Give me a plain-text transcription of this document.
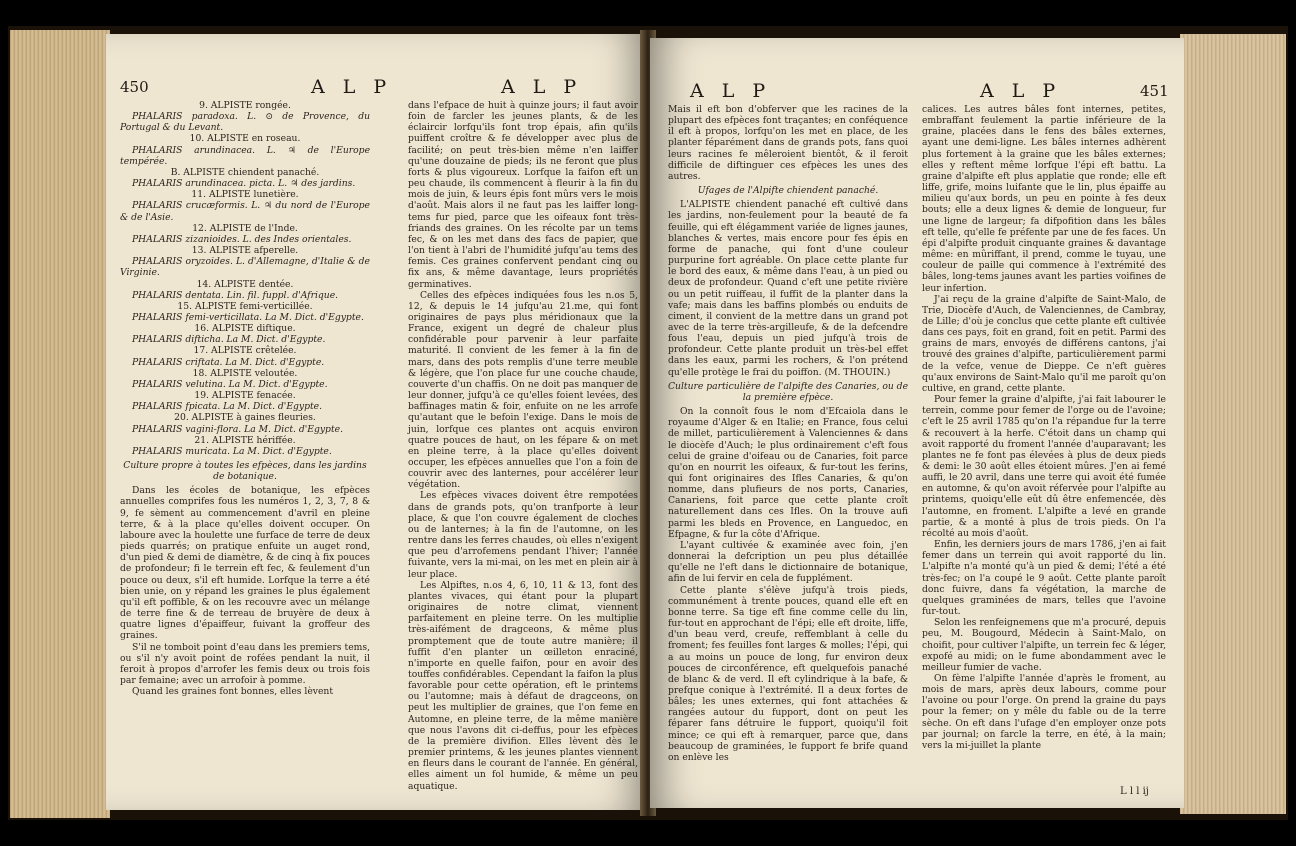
450	A L P	A L P

9. ALPISTE rongée.

PHALARIS paradoxa. L. ⊙ de Provence, du Portugal & du Levant.

10. ALPISTE en roseau.

PHALARIS arundinacea. L. ♃ de l'Europe tempérée.

B. ALPISTE chiendent panaché.

PHALARIS arundinacea. picta. L. ♃ des jardins.

11. ALPISTE lunetière.

PHALARIS crucæformis. L. ♃ du nord de l'Europe & de l'Asie.

12. ALPISTE de l'Inde.

PHALARIS zizanioides. L. des Indes orientales.

13. ALPISTE afperelle.

PHALARIS oryzoides. L. d'Allemagne, d'Italie & de Virginie.

14. ALPISTE dentée.

PHALARIS dentata. Lin. fil. fuppl. d'Afrique.

15. ALPISTE femi-verticillée.

PHALARIS femi-verticillata. La M. Dict. d'Egypte.

16. ALPISTE diftique.

PHALARIS difticha. La M. Dict. d'Egypte.

17. ALPISTE crêtelée.

PHALARIS criftata. La M. Dict. d'Egypte.

18. ALPISTE veloutée.

PHALARIS velutina. La M. Dict. d'Egypte.

19. ALPISTE fenacée.

PHALARIS fpicata. La M. Dict. d'Egypte.

20. ALPISTE à gaines fleuries.

PHALARIS vagini-flora. La M. Dict. d'Egypte.

21. ALPISTE hériffée.

PHALARIS muricata. La M. Dict. d'Egypte.

Culture propre à toutes les efpèces, dans les jardins de botanique.

Dans les écoles de botanique, les efpèces annuelles comprifes fous les numéros 1, 2, 3, 7, 8 & 9, fe sèment au commencement d'avril en pleine terre, & à la place qu'elles doivent occuper. On laboure avec la houlette une furface de terre de deux pieds quarrés; on pratique enfuite un auget rond, d'un pied & demi de diamètre, & de cinq à fix pouces de profondeur; fi le terrein eft fec, & feulement d'un pouce ou deux, s'il eft humide. Lorfque la terre a été bien unie, on y répand les graines le plus également qu'il eft poffible, & on les recouvre avec un mélange de terre fine & de terreau de bruyère de deux à quatre lignes d'épaiffeur, fuivant la groffeur des graines.

S'il ne tomboit point d'eau dans les premiers tems, ou s'il n'y avoit point de rofées pendant la nuit, il feroit à propos d'arrofer les femis deux ou trois fois par femaine; avec un arrofoir à pomme.

Quand les graines font bonnes, elles lèvent

dans l'efpace de huit à quinze jours; il faut avoir foin de farcler les jeunes plants, & de les éclaircir lorfqu'ils font trop épais, afin qu'ils puiffent croître & fe développer avec plus de facilité; on peut très-bien même n'en laiffer qu'une douzaine de pieds; ils ne feront que plus forts & plus vigoureux. Lorfque la faifon eft un peu chaude, ils commencent à fleurir à la fin du mois de juin, & leurs épis font mûrs vers le mois d'août. Mais alors il ne faut pas les laiffer long-tems fur pied, parce que les oifeaux font très-friands des graines. On les récolte par un tems fec, & on les met dans des facs de papier, que l'on tient à l'abri de l'humidité jufqu'au tems des femis. Ces graines confervent pendant cinq ou fix ans, & même davantage, leurs propriétés germinatives.

Celles des efpèces indiquées fous les n.os 5, 12, & depuis le 14 jufqu'au 21.me, qui font originaires de pays plus méridionaux que la France, exigent un degré de chaleur plus confidérable pour parvenir à leur parfaite maturité. Il convient de les femer à la fin de mars, dans des pots remplis d'une terre meuble & légère, que l'on place fur une couche chaude, couverte d'un chaffis. On ne doit pas manquer de leur donner, jufqu'à ce qu'elles foient levées, des baffinages matin & foir, enfuite on ne les arrofe qu'autant que le befoin l'exige. Dans le mois de juin, lorfque ces plantes ont acquis environ quatre pouces de haut, on les fépare & on met en pleine terre, à la place qu'elles doivent occuper, les efpèces annuelles que l'on a foin de couvrir avec des lanternes, pour accélérer leur végétation.

Les efpèces vivaces doivent être rempotées dans de grands pots, qu'on tranfporte à leur place, & que l'on couvre également de cloches ou de lanternes; à la fin de l'automne, on les rentre dans les ferres chaudes, où elles n'exigent que peu d'arrofemens pendant l'hiver; l'année fuivante, vers la mi-mai, on les met en plein air à leur place.

Les Alpiftes, n.os 4, 6, 10, 11 & 13, font des plantes vivaces, qui étant pour la plupart originaires de notre climat, viennent parfaitement en pleine terre. On les multiplie très-aifément de dragceons, & même plus promptement que de toute autre manière; il fuffit d'en planter un œilleton enraciné, n'importe en quelle faifon, pour en avoir des touffes confidérables. Cependant la faifon la plus favorable pour cette opération, eft le printems ou l'automne; mais à défaut de dragceons, on peut les multiplier de graines, que l'on feme en Automne, en pleine terre, de la même manière que nous l'avons dit ci-deffus, pour les efpèces de la première divifion. Elles lèvent dès le premier printems, & les jeunes plantes viennent en fleurs dans le courant de l'année. En général, elles aiment un fol humide, & même un peu aquatique.

A L P	A L P	451

Mais il eft bon d'obferver que les racines de la plupart des efpèces font traçantes; en conféquence il eft à propos, lorfqu'on les met en place, de les planter féparément dans de grands pots, fans quoi leurs racines fe mêleroient bientôt, & il feroit difficile de diftinguer ces efpèces les unes des autres.

Ufages de l'Alpifte chiendent panaché.

L'ALPISTE chiendent panaché eft cultivé dans les jardins, non-feulement pour la beauté de fa feuille, qui eft élégamment variée de lignes jaunes, blanches & vertes, mais encore pour fes épis en forme de panache, qui font d'une couleur purpurine fort agréable. On place cette plante fur le bord des eaux, & même dans l'eau, à un pied ou deux de profondeur. Quand c'eft une petite rivière ou un petit ruiffeau, il fuffit de la planter dans la vafe; mais dans les baffins plombés ou enduits de ciment, il convient de la mettre dans un grand pot avec de la terre très-argilleufe, & de la defcendre fous l'eau, depuis un pied jufqu'à trois de profondeur. Cette plante produit un très-bel effet dans les eaux, parmi les rochers, & l'on prétend qu'elle protège le frai du poiffon. (M. THOUIN.)

Culture particulière de l'alpifte des Canaries, ou de la première efpèce.

On la connoît fous le nom d'Efcaiola dans le royaume d'Alger & en Italie; en France, fous celui de millet, particulièrement à Valenciennes & dans le diocèfe d'Auch; le plus ordinairement c'eft fous celui de graine d'oifeau ou de Canaries, foit parce qu'on en nourrit les oifeaux, & fur-tout les ferins, qui font originaires des Ifles Canaries, & qu'on nomme, dans plufieurs de nos ports, Canaries, Canariens, foit parce que cette plante croît naturellement dans ces Ifles. On la trouve aufi parmi les bleds en Provence, en Languedoc, en Efpagne, & fur la côte d'Afrique.

L'ayant cultivée & examinée avec foin, j'en donnerai la defcription un peu plus détaillée qu'elle ne l'eft dans le dictionnaire de botanique, afin de lui fervir en cela de fupplément.

Cette plante s'élève jufqu'à trois pieds, communément à trente pouces, quand elle eft en bonne terre. Sa tige eft fine comme celle du lin, fur-tout en approchant de l'épi; elle eft droite, liffe, d'un beau verd, creufe, reffemblant à celle du froment; fes feuilles font larges & molles; l'épi, qui a au moins un pouce de long, fur environ deux pouces de circonférence, eft quelquefois panaché de blanc & de verd. Il eft cylindrique à la bafe, & prefque conique à l'extrémité. Il a deux fortes de bâles; les unes externes, qui font attachées & rangées autour du fupport, dont on peut les féparer fans détruire le fupport, quoiqu'il foit mince; ce qui eft à remarquer, parce que, dans beaucoup de graminées, le fupport fe brife quand on enlève les

calices. Les autres bâles font internes, petites, embraffant feulement la partie inférieure de la graine, placées dans le fens des bâles externes, ayant une demi-ligne. Les bâles internes adhèrent plus fortement à la graine que les bâles externes; elles y reftent même lorfque l'épi eft battu. La graine d'alpifte eft plus applatie que ronde; elle eft liffe, grife, moins luifante que le lin, plus épaiffe au milieu qu'aux bords, un peu en pointe à fes deux bouts; elle a deux lignes & demie de longueur, fur une ligne de largeur; fa difpofition dans les bâles eft telle, qu'elle fe préfente par une de fes faces. Un épi d'alpifte produit cinquante graines & davantage même: en mûriffant, il prend, comme le tuyau, une couleur de paille qui commence à l'extrémité des bâles, long-tems jaunes avant les parties voifines de leur infertion.

J'ai reçu de la graine d'alpifte de Saint-Malo, de Trie, Diocèfe d'Auch, de Valenciennes, de Cambray, de Lille; d'où je conclus que cette plante eft cultivée dans ces pays, foit en grand, foit en petit. Parmi des grains de mars, envoyés de différens cantons, j'ai trouvé des graines d'alpifte, particulièrement parmi de la vefce, venue de Dieppe. Ce n'eft guères qu'aux environs de Saint-Malo qu'il me paroît qu'on cultive, en grand, cette plante.

Pour femer la graine d'alpifte, j'ai fait labourer le terrein, comme pour femer de l'orge ou de l'avoine; c'eft le 25 avril 1785 qu'on l'a répandue fur la terre & recouvert à la herfe. C'étoit dans un champ qui avoit rapporté du froment l'année d'auparavant; les plantes ne fe font pas élevées à plus de deux pieds & demi: le 30 août elles étoient mûres. J'en ai femé auffi, le 20 avril, dans une terre qui avoit été fumée en automne, & qu'on avoit réfervée pour l'alpifte au printems, quoiqu'elle eût dû être enfemencée, dès l'automne, en froment. L'alpifte a levé en grande partie, & a monté à plus de trois pieds. On l'a récolté au mois d'août.

Enfin, les derniers jours de mars 1786, j'en ai fait femer dans un terrein qui avoit rapporté du lin. L'alpifte n'a monté qu'à un pied & demi; l'été a été très-fec; on l'a coupé le 9 août. Cette plante paroît donc fuivre, dans fa végétation, la marche de quelques graminées de mars, telles que l'avoine fur-tout.

Selon les renfeignemens que m'a procuré, depuis peu, M. Bougourd, Médecin à Saint-Malo, on choifit, pour cultiver l'alpifte, un terrein fec & léger, expofé au midi; on le fume abondamment avec le meilleur fumier de vache.

On fème l'alpifte l'année d'après le froment, au mois de mars, après deux labours, comme pour l'avoine ou pour l'orge. On prend la graine du pays pour la femer; on y mêle du fable ou de la terre sèche. On eft dans l'ufage d'en employer onze pots par journal; on farcle la terre, en été, à la main; vers la mi-juillet la plante

L l l ij
